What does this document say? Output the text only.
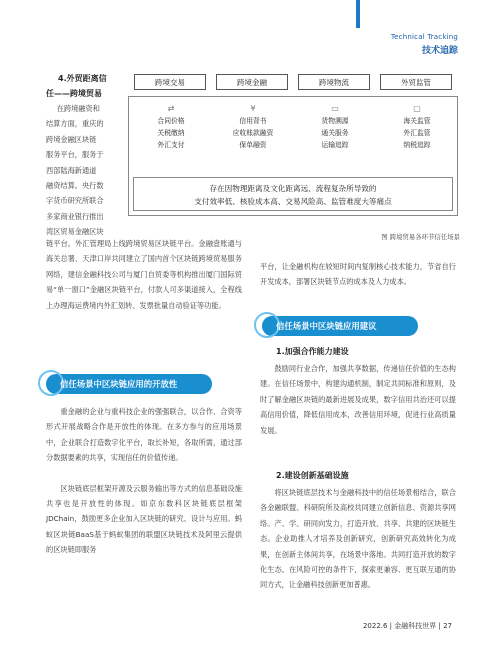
Technical Tracking
技术追踪
4.外贸距离信
任——跨境贸易
在跨境融资和
结算方面，重庆的
跨境金融区块链
服务平台，服务于
西部陆海新通道
融资结算。央行数
字货币研究所联合
多家商业银行推出
湾区贸易金融区块

链平台。外汇管理局上线跨境贸易区块链平台。金融壹账通与海关总署、天津口岸共同建立了国内首个区块链跨境贸易服务网络，建信金融科技公司与厦门自贸委等机构推出厦门国际贸易“单一窗口”金融区块链平台，付款人可多渠道接入，全程线上办理海运费境内外汇划转、发票批量自动验证等功能。

跨境交易	跨境金融	跨境物流	外贸监管
⇄
合同价格
关税缴纳
外汇支付
¥
信用背书
应收账款融资
保单融资
▭
货物溯源
通关服务
运输追踪
▢
海关监管
外汇监管
纳税追踪
存在因物理距离及文化距离远、流程复杂所导致的
支付效率低、核验成本高、交易风险高、监管难度大等痛点
图 跨境贸易各环节信任场景
信任场景中区块链应用的开放性

重金融的企业与重科技企业的强强联合，以合作、合资等形式开展战略合作是开放性的体现。在多方参与的应用场景中，企业联合打造数字化平台，取长补短，各取所需，通过部分数据要素的共享，实现信任的价值传递。

区块链底层框架开源及云服务输出等方式的信息基础设施共享也是开放性的体现。如京东数科区块链底层框架JDChain，鼓励更多企业加入区块链的研究、设计与应用。蚂蚁区块链BaaS基于蚂蚁集团的联盟区块链技术及阿里云提供的区块链即服务

平台，让金融机构在较短时间内复制核心技术能力，节省自行开发成本，部署区块链节点的成本及人力成本。

信任场景中区块链应用建议
1.加强合作能力建设

鼓励同行业合作，加强共享数据，传递信任价值的生态构建。在信任场景中，构建沟通机制，制定共同标准和原则，及时了解金融区块链的最新进展及成果，数字信用共治还可以提高信用价值，降低信用成本，改善信用环境，促进行业高质量发展。

2.建设创新基础设施

将区块链底层技术与金融科技中的信任场景相结合，联合各金融联盟、科研院所及高校共同建立创新信息、资源共享网络。产、学、研同向发力，打造开放、共享、共建的区块链生态。企业助推人才培养及创新研究，创新研究高效转化为成果，在创新主体间共享，在场景中落地。共同打造开放的数字化生态。在风险可控的条件下，探索更兼容、更互联互通的协同方式，让金融科技创新更加普惠。

2022.6 | 金融科技世界 | 27
